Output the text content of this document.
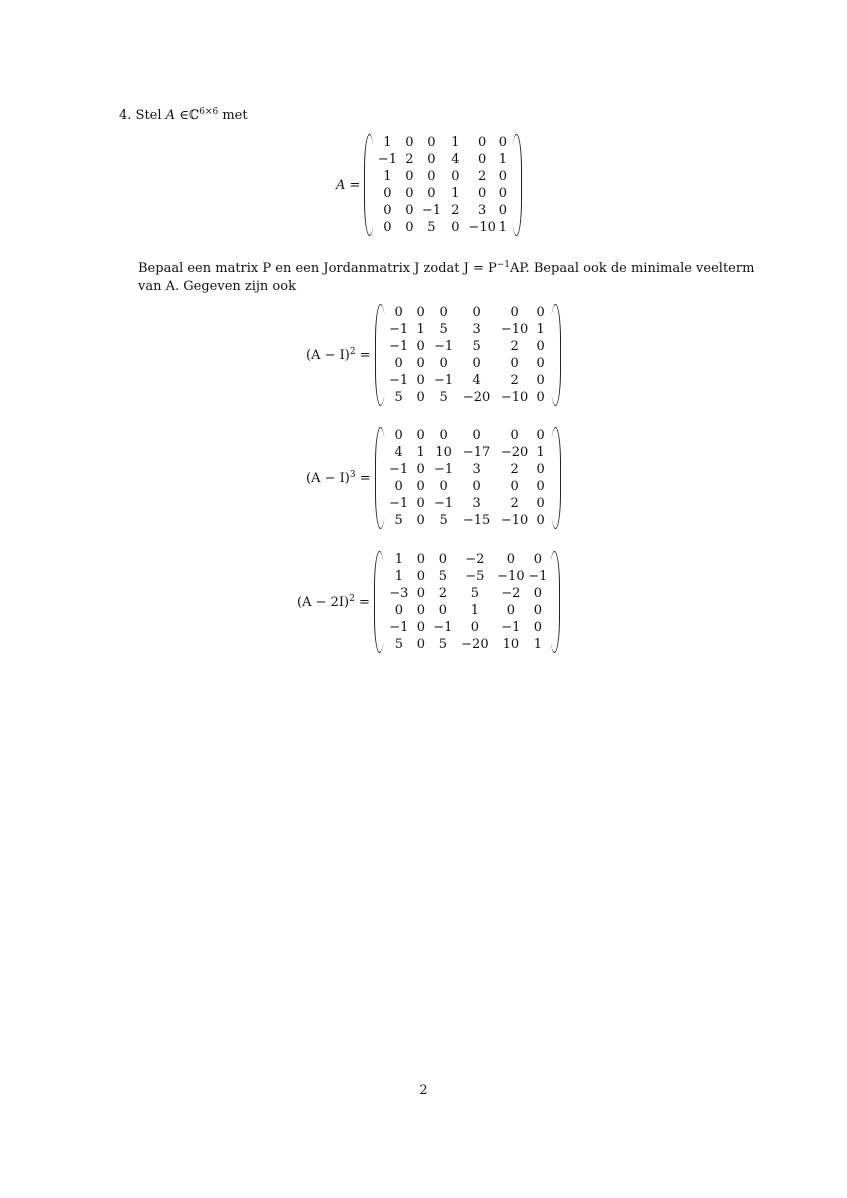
4. Stel A ∈ℂ$^{6\times 6}$ met
A =
1	0	0	1	0	0
−1	2	0	4	0	1
1	0	0	0	2	0
0	0	0	1	0	0
0	0	−1	2	3	0
0	0	5	0	−10	1

Bepaal een matrix P en een Jordanmatrix J zodat $J = P^{-1}AP$. Bepaal ook de minimale veelterm

van A. Gegeven zijn ook

$(A - I)^2$ =
0	0	0	0	0	0
−1	1	5	3	−10	1
−1	0	−1	5	2	0
0	0	0	0	0	0
−1	0	−1	4	2	0
5	0	5	−20	−10	0
$(A - I)^3$ =
0	0	0	0	0	0
4	1	10	−17	−20	1
−1	0	−1	3	2	0
0	0	0	0	0	0
−1	0	−1	3	2	0
5	0	5	−15	−10	0
$(A - 2I)^2$ =
1	0	0	−2	0	0
1	0	5	−5	−10	−1
−3	0	2	5	−2	0
0	0	0	1	0	0
−1	0	−1	0	−1	0
5	0	5	−20	10	1
2
